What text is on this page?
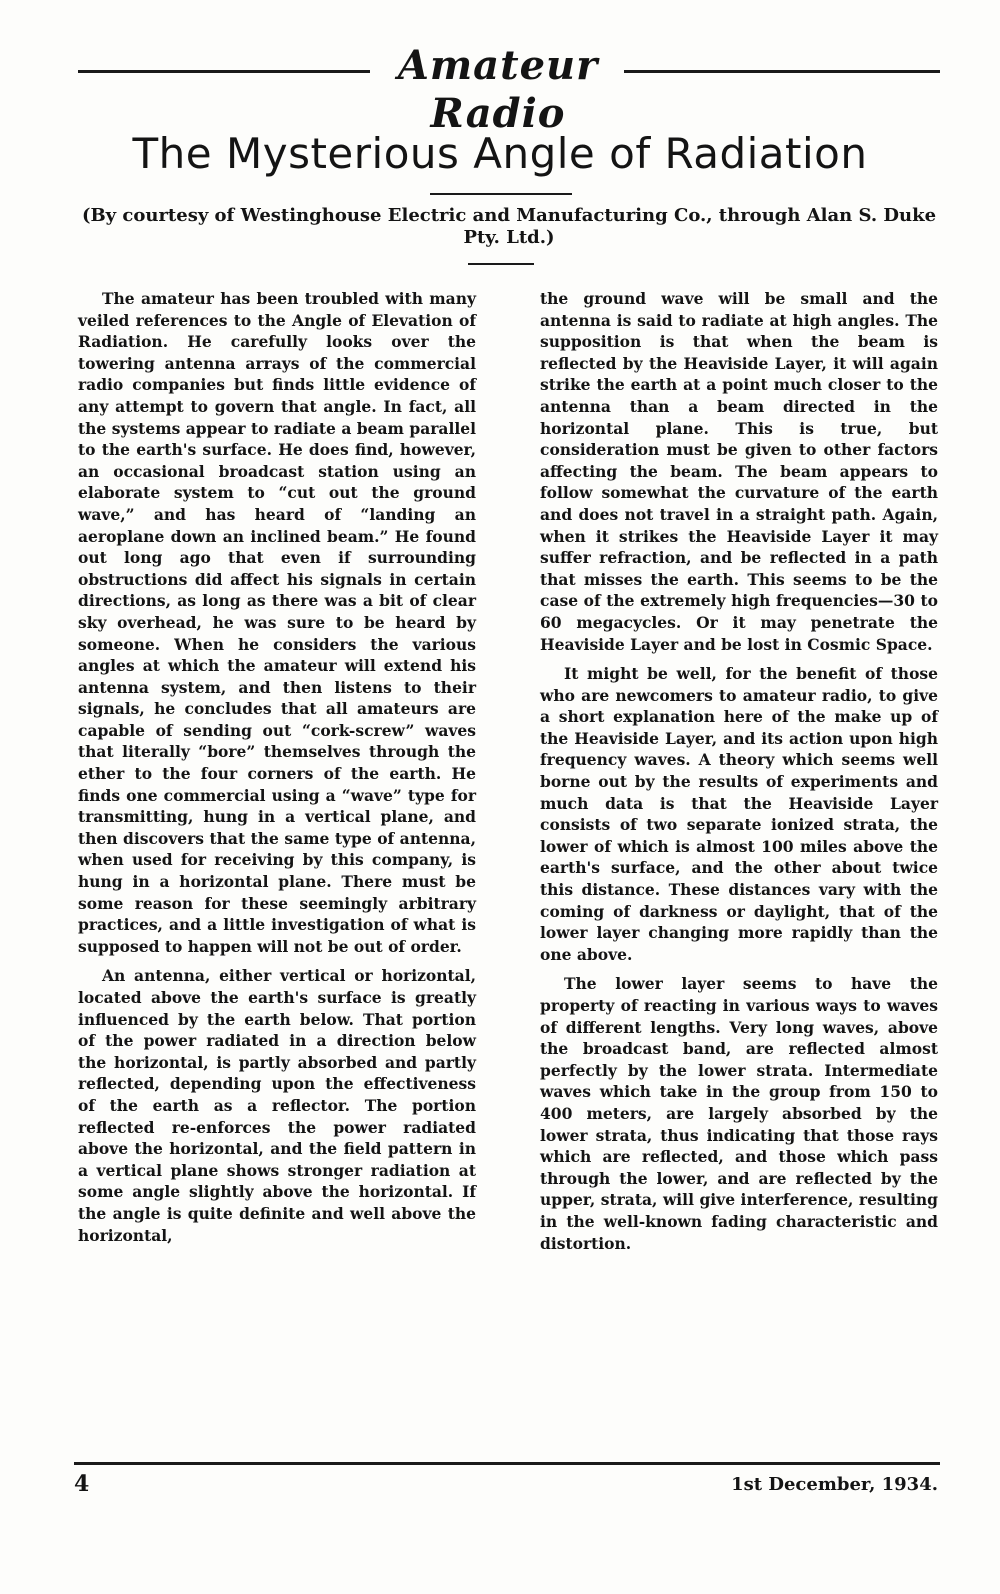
Amateur Radio
The Mysterious Angle of Radiation
(By courtesy of Westinghouse Electric and Manufacturing Co., through Alan S. Duke Pty. Ltd.)

The amateur has been troubled with many veiled references to the Angle of Elevation of Radiation. He carefully looks over the towering antenna arrays of the commercial radio companies but finds little evidence of any attempt to govern that angle. In fact, all the systems appear to radiate a beam parallel to the earth's surface. He does find, however, an occasional broadcast station using an elaborate system to “cut out the ground wave,” and has heard of “landing an aeroplane down an inclined beam.” He found out long ago that even if surrounding obstructions did affect his signals in certain directions, as long as there was a bit of clear sky overhead, he was sure to be heard by someone. When he considers the various angles at which the amateur will extend his antenna system, and then listens to their signals, he concludes that all amateurs are capable of sending out “cork-screw” waves that literally “bore” themselves through the ether to the four corners of the earth. He finds one commercial using a “wave” type for transmitting, hung in a vertical plane, and then discovers that the same type of antenna, when used for receiving by this company, is hung in a horizontal plane. There must be some reason for these seemingly arbitrary practices, and a little investigation of what is supposed to happen will not be out of order.

An antenna, either vertical or horizontal, located above the earth's surface is greatly influenced by the earth below. That portion of the power radiated in a direction below the horizontal, is partly absorbed and partly reflected, depending upon the effectiveness of the earth as a reflector. The portion reflected re-enforces the power radiated above the horizontal, and the field pattern in a vertical plane shows stronger radiation at some angle slightly above the horizontal. If the angle is quite definite and well above the horizontal,

the ground wave will be small and the antenna is said to radiate at high angles. The supposition is that when the beam is reflected by the Heaviside Layer, it will again strike the earth at a point much closer to the antenna than a beam directed in the horizontal plane. This is true, but consideration must be given to other factors affecting the beam. The beam appears to follow somewhat the curvature of the earth and does not travel in a straight path. Again, when it strikes the Heaviside Layer it may suffer refraction, and be reflected in a path that misses the earth. This seems to be the case of the extremely high frequencies—30 to 60 megacycles. Or it may penetrate the Heaviside Layer and be lost in Cosmic Space.

It might be well, for the benefit of those who are newcomers to amateur radio, to give a short explanation here of the make up of the Heaviside Layer, and its action upon high frequency waves. A theory which seems well borne out by the results of experiments and much data is that the Heaviside Layer consists of two separate ionized strata, the lower of which is almost 100 miles above the earth's surface, and the other about twice this distance. These distances vary with the coming of darkness or daylight, that of the lower layer changing more rapidly than the one above.

The lower layer seems to have the property of reacting in various ways to waves of different lengths. Very long waves, above the broadcast band, are reflected almost perfectly by the lower strata. Intermediate waves which take in the group from 150 to 400 meters, are largely absorbed by the lower strata, thus indicating that those rays which are reflected, and those which pass through the lower, and are reflected by the upper, strata, will give interference, resulting in the well-known fading characteristic and distortion.

4	1st December, 1934.
